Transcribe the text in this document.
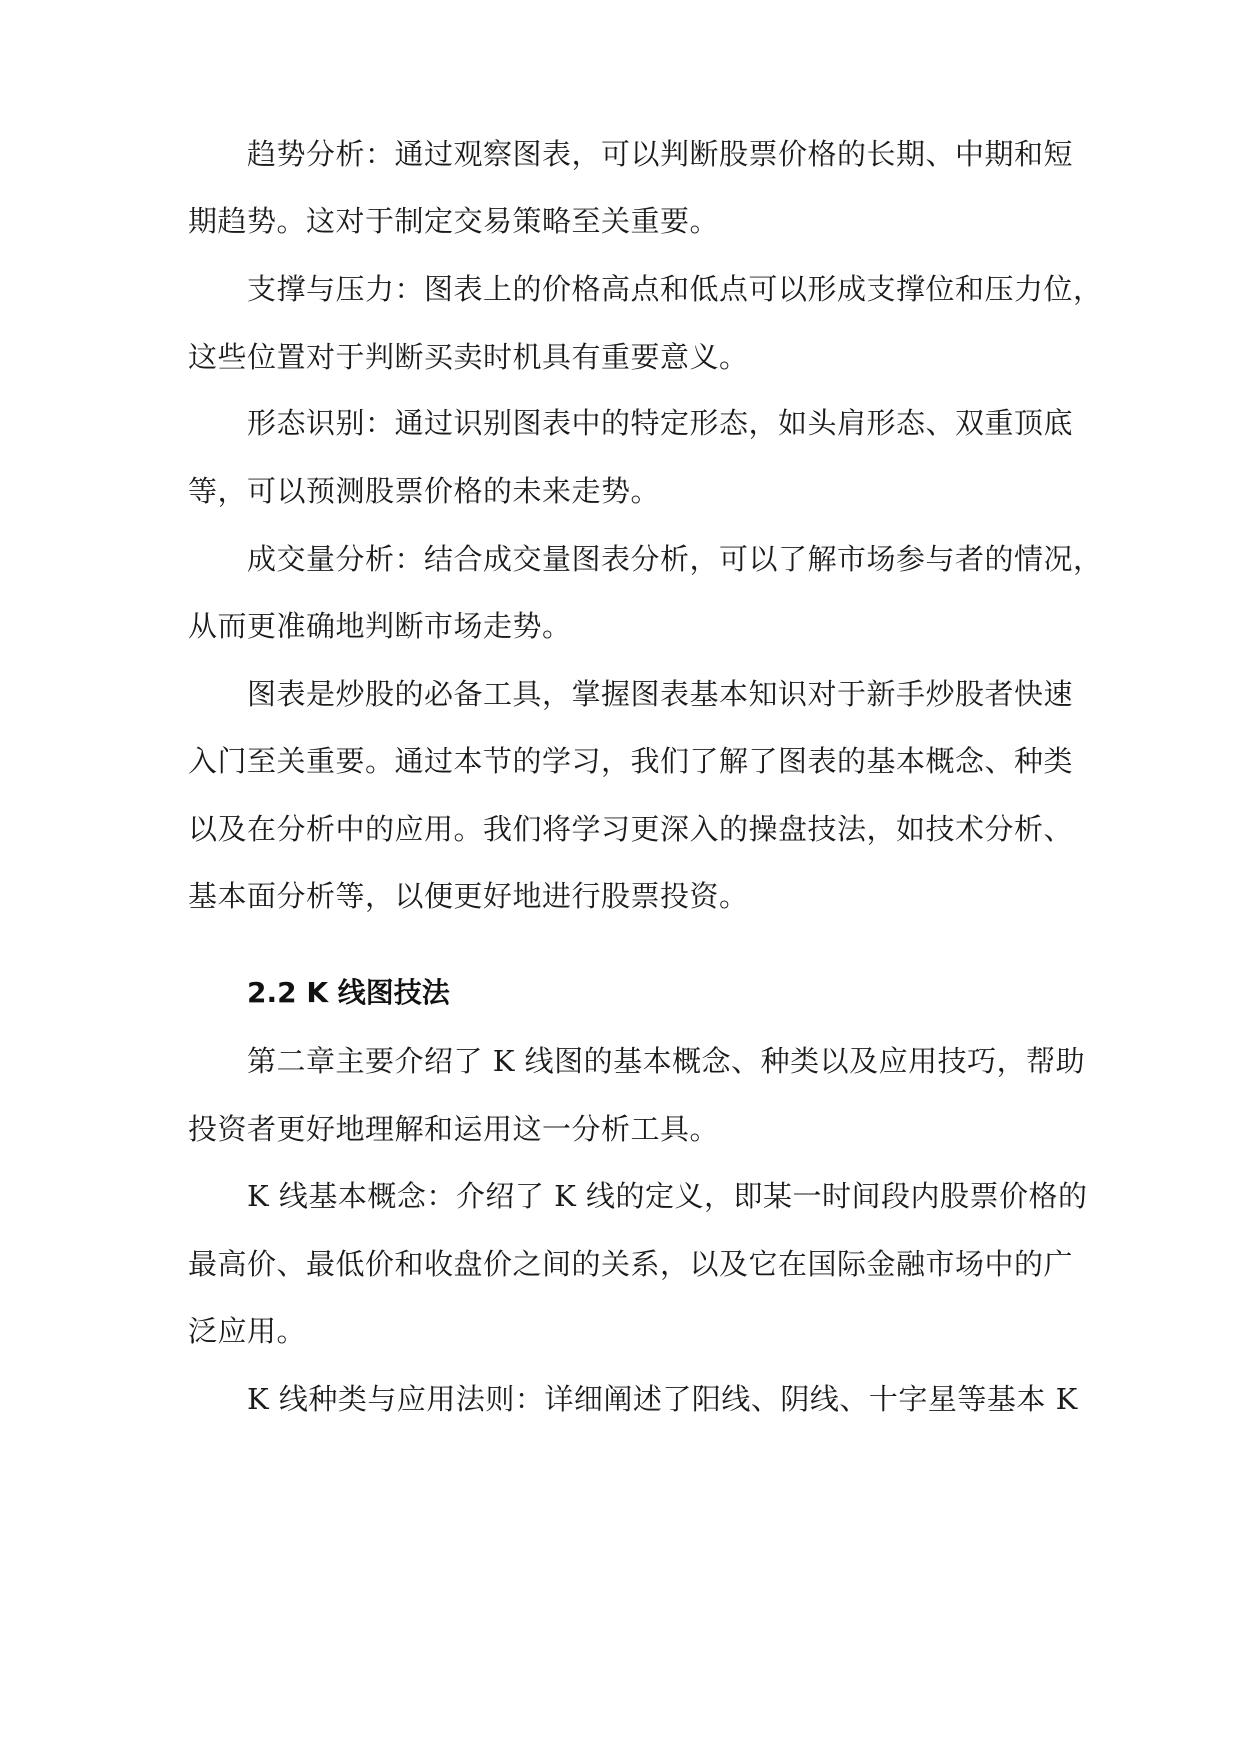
趋势分析：通过观察图表，可以判断股票价格的长期、中期和短
期趋势。这对于制定交易策略至关重要。
支撑与压力：图表上的价格高点和低点可以形成支撑位和压力位，
这些位置对于判断买卖时机具有重要意义。
形态识别：通过识别图表中的特定形态，如头肩形态、双重顶底
等，可以预测股票价格的未来走势。
成交量分析：结合成交量图表分析，可以了解市场参与者的情况，
从而更准确地判断市场走势。
图表是炒股的必备工具，掌握图表基本知识对于新手炒股者快速
入门至关重要。通过本节的学习，我们了解了图表的基本概念、种类
以及在分析中的应用。我们将学习更深入的操盘技法，如技术分析、
基本面分析等，以便更好地进行股票投资。
2.2 K 线图技法
第二章主要介绍了 K 线图的基本概念、种类以及应用技巧，帮助
投资者更好地理解和运用这一分析工具。
K 线基本概念：介绍了 K 线的定义，即某一时间段内股票价格的
最高价、最低价和收盘价之间的关系，以及它在国际金融市场中的广
泛应用。
K 线种类与应用法则：详细阐述了阳线、阴线、十字星等基本 K
